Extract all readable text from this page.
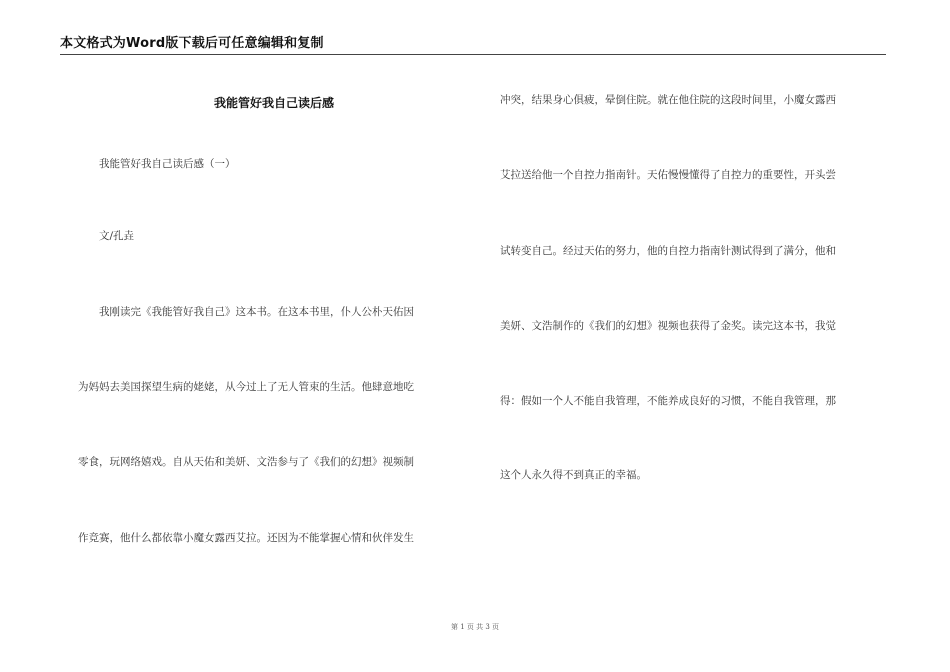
本文格式为Word版下载后可任意编辑和复制
我能管好我自己读后感
我能管好我自己读后感（一）
文/孔垚
我刚读完《我能管好我自己》这本书。在这本书里，仆人公朴天佑因
为妈妈去美国探望生病的姥姥，从今过上了无人管束的生活。他肆意地吃
零食，玩网络嬉戏。自从天佑和美妍、文浩参与了《我们的幻想》视频制
作竞赛，他什么都依靠小魔女露西艾拉。还因为不能掌握心情和伙伴发生
冲突，结果身心俱疲，晕倒住院。就在他住院的这段时间里，小魔女露西
艾拉送给他一个自控力指南针。天佑慢慢懂得了自控力的重要性，开头尝
试转变自己。经过天佑的努力，他的自控力指南针测试得到了满分，他和
美妍、文浩制作的《我们的幻想》视频也获得了金奖。读完这本书，我觉
得：假如一个人不能自我管理，不能养成良好的习惯，不能自我管理，那
这个人永久得不到真正的幸福。
第 1 页 共 3 页
